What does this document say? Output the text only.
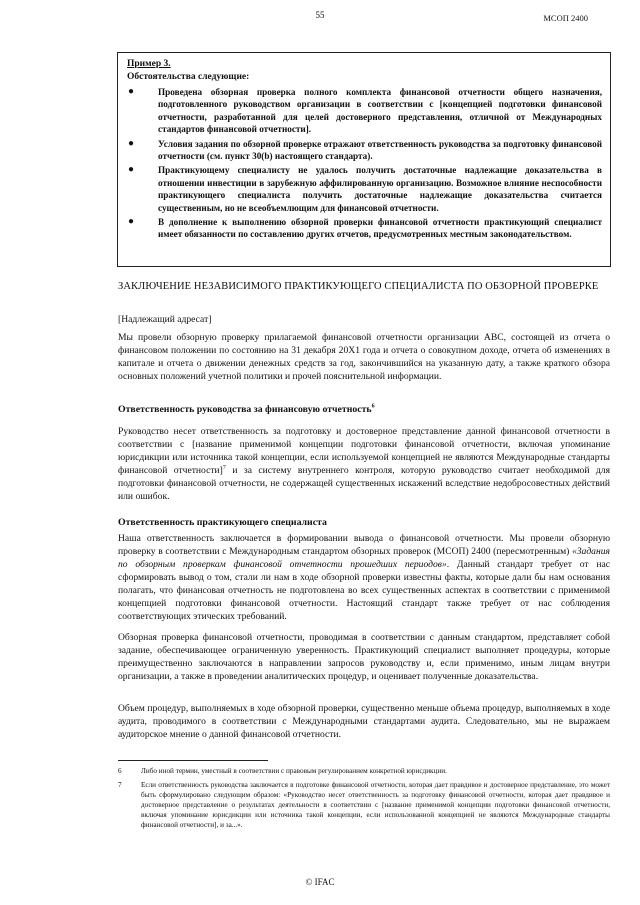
55	МСОП 2400
Пример 3.
Обстоятельства следующие:
●	Проведена обзорная проверка полного комплекта финансовой отчетности общего назначения, подготовленного руководством организации в соответствии с [концепцией подготовки финансовой отчетности, разработанной для целей достоверного представления, отличной от Международных стандартов финансовой отчетности].
●	Условия задания по обзорной проверке отражают ответственность руководства за подготовку финансовой отчетности (см. пункт 30(b) настоящего стандарта).
●	Практикующему специалисту не удалось получить достаточные надлежащие доказательства в отношении инвестиции в зарубежную аффилированную организацию. Возможное влияние неспособности практикующего специалиста получить достаточные надлежащие доказательства считается существенным, но не всеобъемлющим для финансовой отчетности.
●	В дополнение к выполнению обзорной проверки финансовой отчетности практикующий специалист имеет обязанности по составлению других отчетов, предусмотренных местным законодательством.
ЗАКЛЮЧЕНИЕ НЕЗАВИСИМОГО ПРАКТИКУЮЩЕГО СПЕЦИАЛИСТА ПО ОБЗОРНОЙ ПРОВЕРКЕ
[Надлежащий адресат]
Мы провели обзорную проверку прилагаемой финансовой отчетности организации ABC, состоящей из отчета о финансовом положении по состоянию на 31 декабря 20X1 года и отчета о совокупном доходе, отчета об изменениях в капитале и отчета о движении денежных средств за год, закончившийся на указанную дату, а также краткого обзора основных положений учетной политики и прочей пояснительной информации.
Ответственность руководства за финансовую отчетность$^6$
Руководство несет ответственность за подготовку и достоверное представление данной финансовой отчетности в соответствии с [название применимой концепции подготовки финансовой отчетности, включая упоминание юрисдикции или источника такой концепции, если используемой концепцией не являются Международные стандарты финансовой отчетности]$^7$ и за систему внутреннего контроля, которую руководство считает необходимой для подготовки финансовой отчетности, не содержащей существенных искажений вследствие недобросовестных действий или ошибок.
Ответственность практикующего специалиста
Наша ответственность заключается в формировании вывода о финансовой отчетности. Мы провели обзорную проверку в соответствии с Международным стандартом обзорных проверок (МСОП) 2400 (пересмотренным) «Задания по обзорным проверкам финансовой отчетности прошедших периодов». Данный стандарт требует от нас сформировать вывод о том, стали ли нам в ходе обзорной проверки известны факты, которые дали бы нам основания полагать, что финансовая отчетность не подготовлена во всех существенных аспектах в соответствии с применимой концепцией подготовки финансовой отчетности. Настоящий стандарт также требует от нас соблюдения соответствующих этических требований.
Обзорная проверка финансовой отчетности, проводимая в соответствии с данным стандартом, представляет собой задание, обеспечивающее ограниченную уверенность. Практикующий специалист выполняет процедуры, которые преимущественно заключаются в направлении запросов руководству и, если применимо, иным лицам внутри организации, а также в проведении аналитических процедур, и оценивает полученные доказательства.
Объем процедур, выполняемых в ходе обзорной проверки, существенно меньше объема процедур, выполняемых в ходе аудита, проводимого в соответствии с Международными стандартами аудита. Следовательно, мы не выражаем аудиторское мнение о данной финансовой отчетности.
6	Либо иной термин, уместный в соответствии с правовым регулированием конкретной юрисдикции.
7	Если ответственность руководства заключается в подготовке финансовой отчетности, которая дает правдивое и достоверное представление, это может быть сформулировано следующим образом: «Руководство несет ответственность за подготовку финансовой отчетности, которая дает правдивое и достоверное представление о результатах деятельности в соответствии с [название применимой концепции подготовки финансовой отчетности, включая упоминание юрисдикции или источника такой концепции, если использованной концепцией не являются Международные стандарты финансовой отчетности], и за...».
© IFAC
